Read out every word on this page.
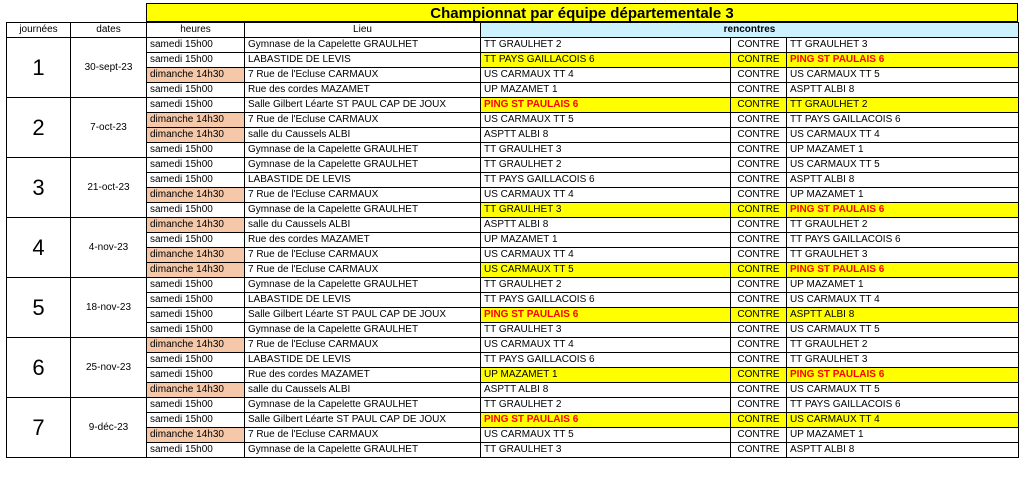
Championnat par équipe départementale 3
journées	dates	heures	Lieu	rencontres		
1	30-sept-23	samedi 15h00	Gymnase de la Capelette GRAULHET	TT GRAULHET 2	CONTRE	TT GRAULHET 3
		samedi 15h00	LABASTIDE DE LEVIS	TT PAYS GAILLACOIS 6	CONTRE	PING ST PAULAIS 6
		dimanche 14h30	7 Rue de l'Ecluse CARMAUX	US CARMAUX TT 4	CONTRE	US CARMAUX TT 5
		samedi 15h00	Rue des cordes MAZAMET	UP MAZAMET 1	CONTRE	ASPTT ALBI 8
2	7-oct-23	samedi 15h00	Salle Gilbert Léarte ST PAUL CAP DE JOUX	PING ST PAULAIS 6	CONTRE	TT GRAULHET 2
		dimanche 14h30	7 Rue de l'Ecluse CARMAUX	US CARMAUX TT 5	CONTRE	TT PAYS GAILLACOIS 6
		dimanche 14h30	salle du Caussels ALBI	ASPTT ALBI 8	CONTRE	US CARMAUX TT 4
		samedi 15h00	Gymnase de la Capelette GRAULHET	TT GRAULHET 3	CONTRE	UP MAZAMET 1
3	21-oct-23	samedi 15h00	Gymnase de la Capelette GRAULHET	TT GRAULHET 2	CONTRE	US CARMAUX TT 5
		samedi 15h00	LABASTIDE DE LEVIS	TT PAYS GAILLACOIS 6	CONTRE	ASPTT ALBI 8
		dimanche 14h30	7 Rue de l'Ecluse CARMAUX	US CARMAUX TT 4	CONTRE	UP MAZAMET 1
		samedi 15h00	Gymnase de la Capelette GRAULHET	TT GRAULHET 3	CONTRE	PING ST PAULAIS 6
4	4-nov-23	dimanche 14h30	salle du Caussels ALBI	ASPTT ALBI 8	CONTRE	TT GRAULHET 2
		samedi 15h00	Rue des cordes MAZAMET	UP MAZAMET 1	CONTRE	TT PAYS GAILLACOIS 6
		dimanche 14h30	7 Rue de l'Ecluse CARMAUX	US CARMAUX TT 4	CONTRE	TT GRAULHET 3
		dimanche 14h30	7 Rue de l'Ecluse CARMAUX	US CARMAUX TT 5	CONTRE	PING ST PAULAIS 6
5	18-nov-23	samedi 15h00	Gymnase de la Capelette GRAULHET	TT GRAULHET 2	CONTRE	UP MAZAMET 1
		samedi 15h00	LABASTIDE DE LEVIS	TT PAYS GAILLACOIS 6	CONTRE	US CARMAUX TT 4
		samedi 15h00	Salle Gilbert Léarte ST PAUL CAP DE JOUX	PING ST PAULAIS 6	CONTRE	ASPTT ALBI 8
		samedi 15h00	Gymnase de la Capelette GRAULHET	TT GRAULHET 3	CONTRE	US CARMAUX TT 5
6	25-nov-23	dimanche 14h30	7 Rue de l'Ecluse CARMAUX	US CARMAUX TT 4	CONTRE	TT GRAULHET 2
		samedi 15h00	LABASTIDE DE LEVIS	TT PAYS GAILLACOIS 6	CONTRE	TT GRAULHET 3
		samedi 15h00	Rue des cordes MAZAMET	UP MAZAMET 1	CONTRE	PING ST PAULAIS 6
		dimanche 14h30	salle du Caussels ALBI	ASPTT ALBI 8	CONTRE	US CARMAUX TT 5
7	9-déc-23	samedi 15h00	Gymnase de la Capelette GRAULHET	TT GRAULHET 2	CONTRE	TT PAYS GAILLACOIS 6
		samedi 15h00	Salle Gilbert Léarte ST PAUL CAP DE JOUX	PING ST PAULAIS 6	CONTRE	US CARMAUX TT 4
		dimanche 14h30	7 Rue de l'Ecluse CARMAUX	US CARMAUX TT 5	CONTRE	UP MAZAMET 1
		samedi 15h00	Gymnase de la Capelette GRAULHET	TT GRAULHET 3	CONTRE	ASPTT ALBI 8
